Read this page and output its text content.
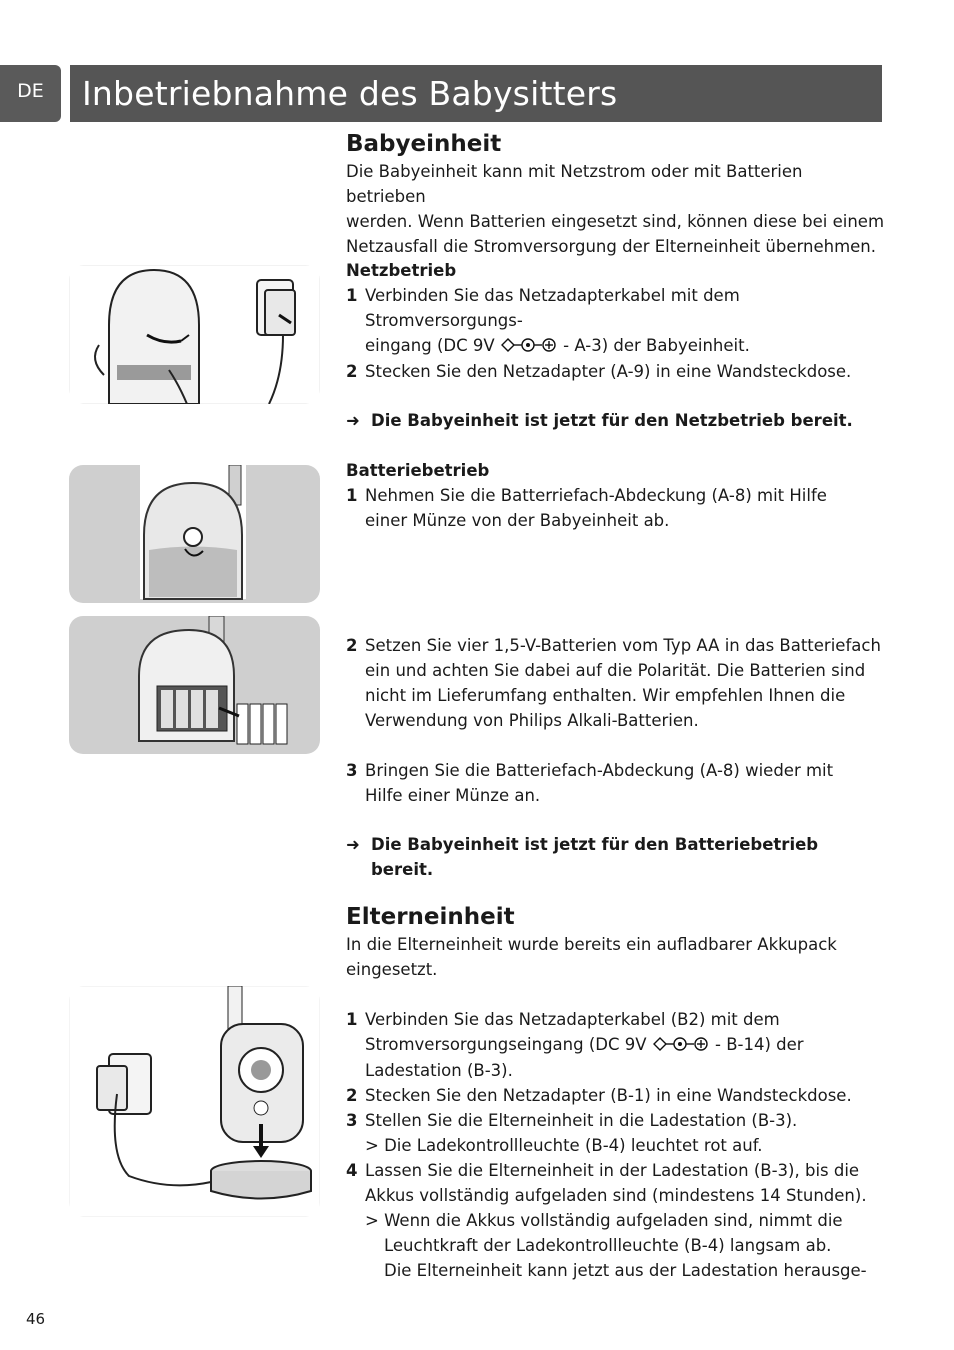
DE	Inbetriebnahme des Babysitters

Babyeinheit

Die Babyeinheit kann mit Netzstrom oder mit Batterien betrieben

werden. Wenn Batterien eingesetzt sind, können diese bei einem

Netzausfall die Stromversorgung der Elterneinheit übernehmen.

Netzbetrieb

1 Verbinden Sie das Netzadapterkabel mit dem Stromversorgungs-

eingang (DC 9V	- A-3) der Babyeinheit.

2 Stecken Sie den Netzadapter (A-9) in eine Wandsteckdose.

➜ Die Babyeinheit ist jetzt für den Netzbetrieb bereit.

Batteriebetrieb

1 Nehmen Sie die Batterriefach-Abdeckung (A-8) mit Hilfe

einer Münze von der Babyeinheit ab.

2 Setzen Sie vier 1,5-V-Batterien vom Typ AA in das Batteriefach

ein und achten Sie dabei auf die Polarität. Die Batterien sind

nicht im Lieferumfang enthalten. Wir empfehlen Ihnen die

Verwendung von Philips Alkali-Batterien.

3 Bringen Sie die Batteriefach-Abdeckung (A-8) wieder mit

Hilfe einer Münze an.

➜ Die Babyeinheit ist jetzt für den Batteriebetrieb

bereit.

Elterneinheit

In die Elterneinheit wurde bereits ein aufladbarer Akkupack

eingesetzt.

1 Verbinden Sie das Netzadapterkabel (B2) mit dem

Stromversorgungseingang (DC 9V	- B-14) der

Ladestation (B-3).

2 Stecken Sie den Netzadapter (B-1) in eine Wandsteckdose.

3 Stellen Sie die Elterneinheit in die Ladestation (B-3).

> Die Ladekontrollleuchte (B-4) leuchtet rot auf.

4 Lassen Sie die Elterneinheit in der Ladestation (B-3), bis die

Akkus vollständig aufgeladen sind (mindestens 14 Stunden).

> Wenn die Akkus vollständig aufgeladen sind, nimmt die

Leuchtkraft der Ladekontrollleuchte (B-4) langsam ab.

Die Elterneinheit kann jetzt aus der Ladestation herausge-

46
